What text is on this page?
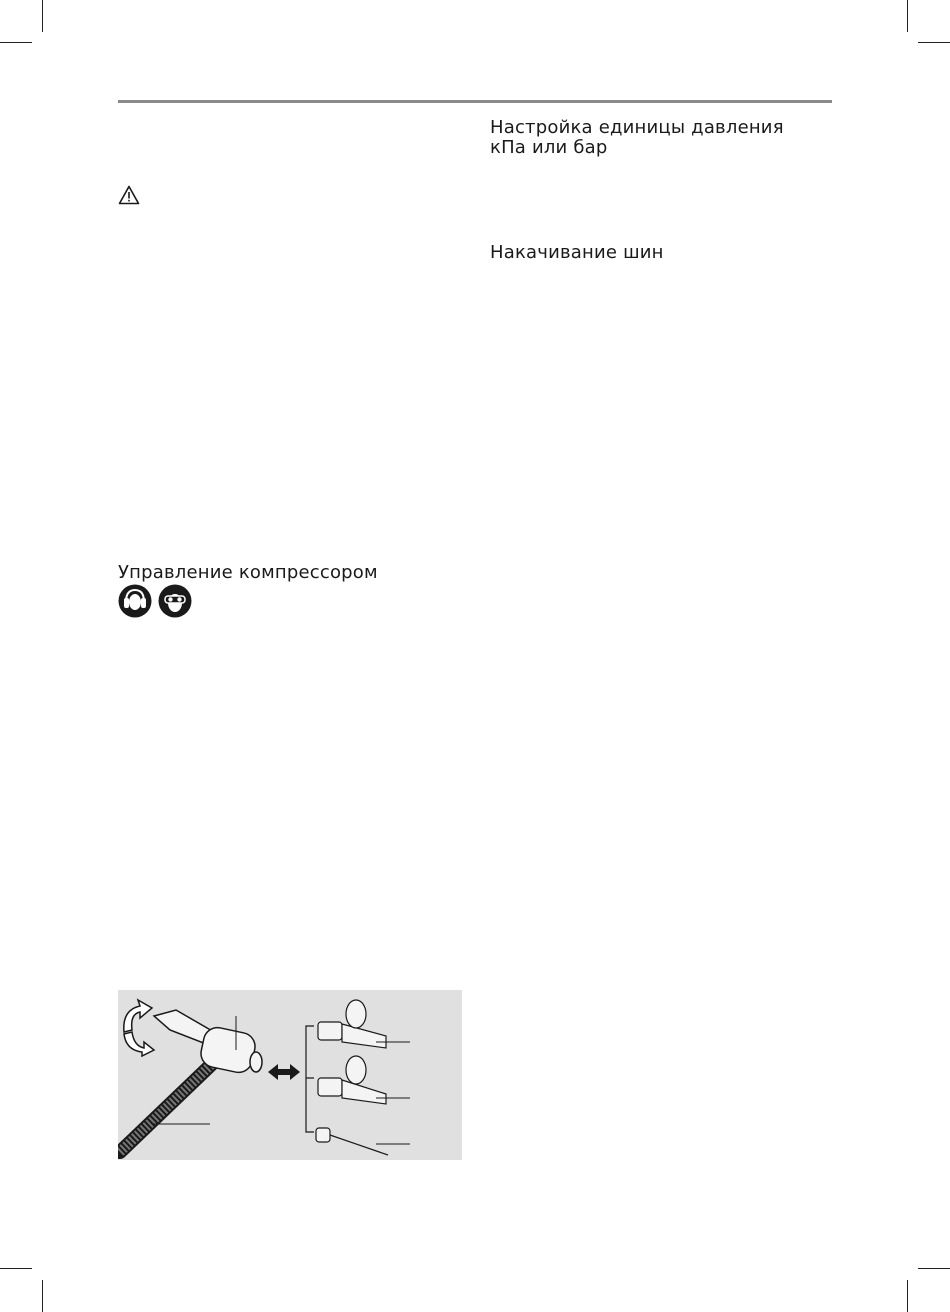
Настройка единицы давления кПа или бар
Накачивание шин
Управление компрессором
